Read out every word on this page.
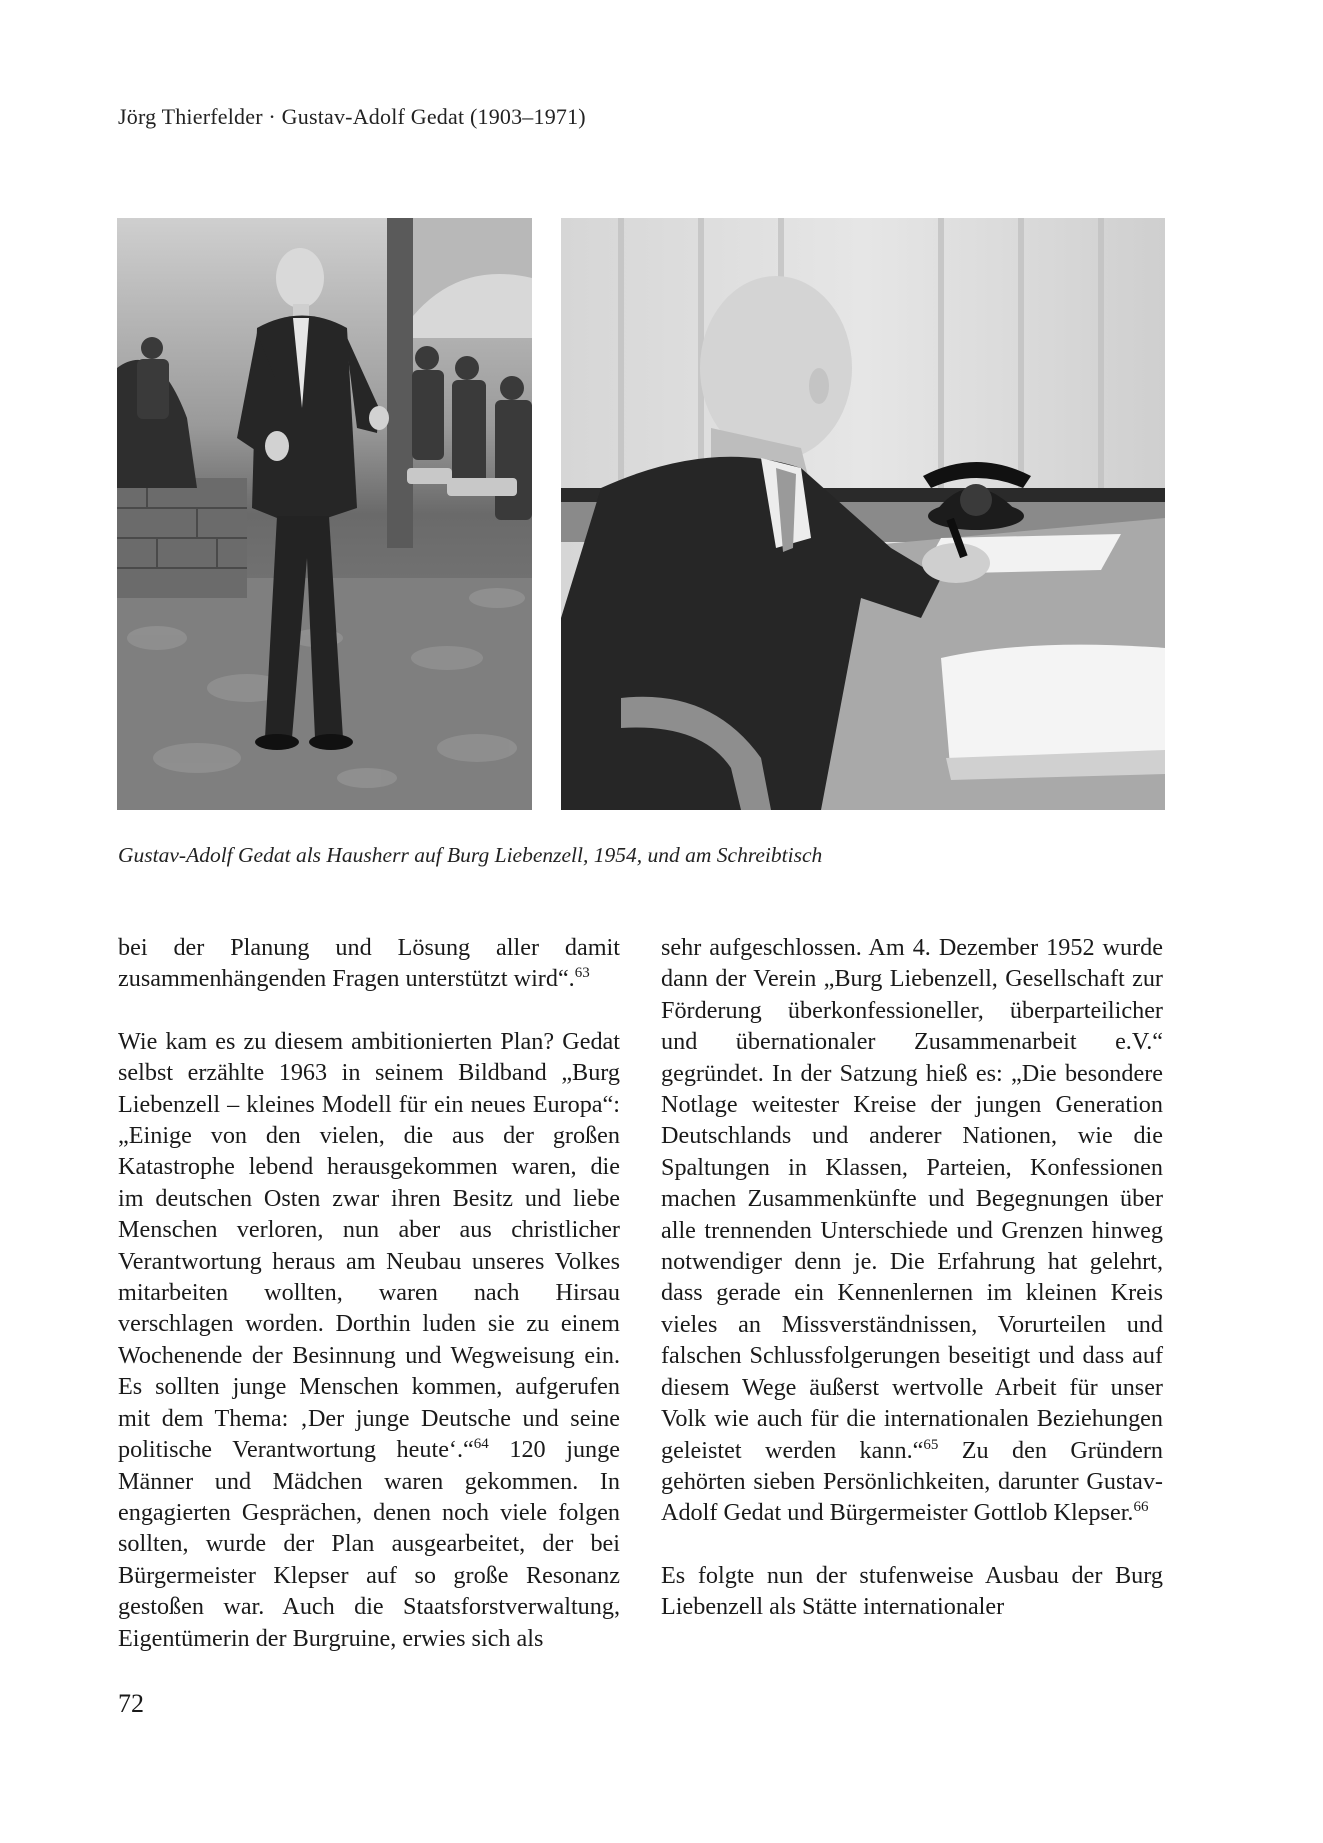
Jörg Thierfelder · Gustav-Adolf Gedat (1903–1971)
Gustav-Adolf Gedat als Hausherr auf Burg Liebenzell, 1954, und am Schreibtisch

bei der Planung und Lösung aller damit zusammenhängenden Fragen unterstützt wird“.$^{63}$

Wie kam es zu diesem ambitionierten Plan? Gedat selbst erzählte 1963 in seinem Bildband „Burg Liebenzell – kleines Modell für ein neues Europa“: „Einige von den vielen, die aus der großen Katastrophe lebend herausgekommen waren, die im deutschen Osten zwar ihren Besitz und liebe Menschen verloren, nun aber aus christlicher Verantwortung heraus am Neubau unseres Volkes mitarbeiten wollten, waren nach Hirsau verschlagen worden. Dorthin luden sie zu einem Wochenende der Besinnung und Wegweisung ein. Es sollten junge Menschen kommen, aufgerufen mit dem Thema: ‚Der junge Deutsche und seine politische Verantwortung heute‘.“$^{64}$ 120 junge Männer und Mädchen waren gekommen. In engagierten Gesprächen, denen noch viele folgen sollten, wurde der Plan ausgearbeitet, der bei Bürgermeister Klepser auf so große Resonanz gestoßen war. Auch die Staatsforstverwaltung, Eigentümerin der Burgruine, erwies sich als

sehr aufgeschlossen. Am 4. Dezember 1952 wurde dann der Verein „Burg Liebenzell, Gesellschaft zur Förderung überkonfessioneller, überparteilicher und übernationaler Zusammenarbeit e.V.“ gegründet. In der Satzung hieß es: „Die besondere Notlage weitester Kreise der jungen Generation Deutschlands und anderer Nationen, wie die Spaltungen in Klassen, Parteien, Konfessionen machen Zusammenkünfte und Begegnungen über alle trennenden Unterschiede und Grenzen hinweg notwendiger denn je. Die Erfahrung hat gelehrt, dass gerade ein Kennenlernen im kleinen Kreis vieles an Missverständnissen, Vorurteilen und falschen Schlussfolgerungen beseitigt und dass auf diesem Wege äußerst wertvolle Arbeit für unser Volk wie auch für die internationalen Beziehungen geleistet werden kann.“$^{65}$ Zu den Gründern gehörten sieben Persönlichkeiten, darunter Gustav-Adolf Gedat und Bürgermeister Gottlob Klepser.$^{66}$

Es folgte nun der stufenweise Ausbau der Burg Liebenzell als Stätte internationaler

72
